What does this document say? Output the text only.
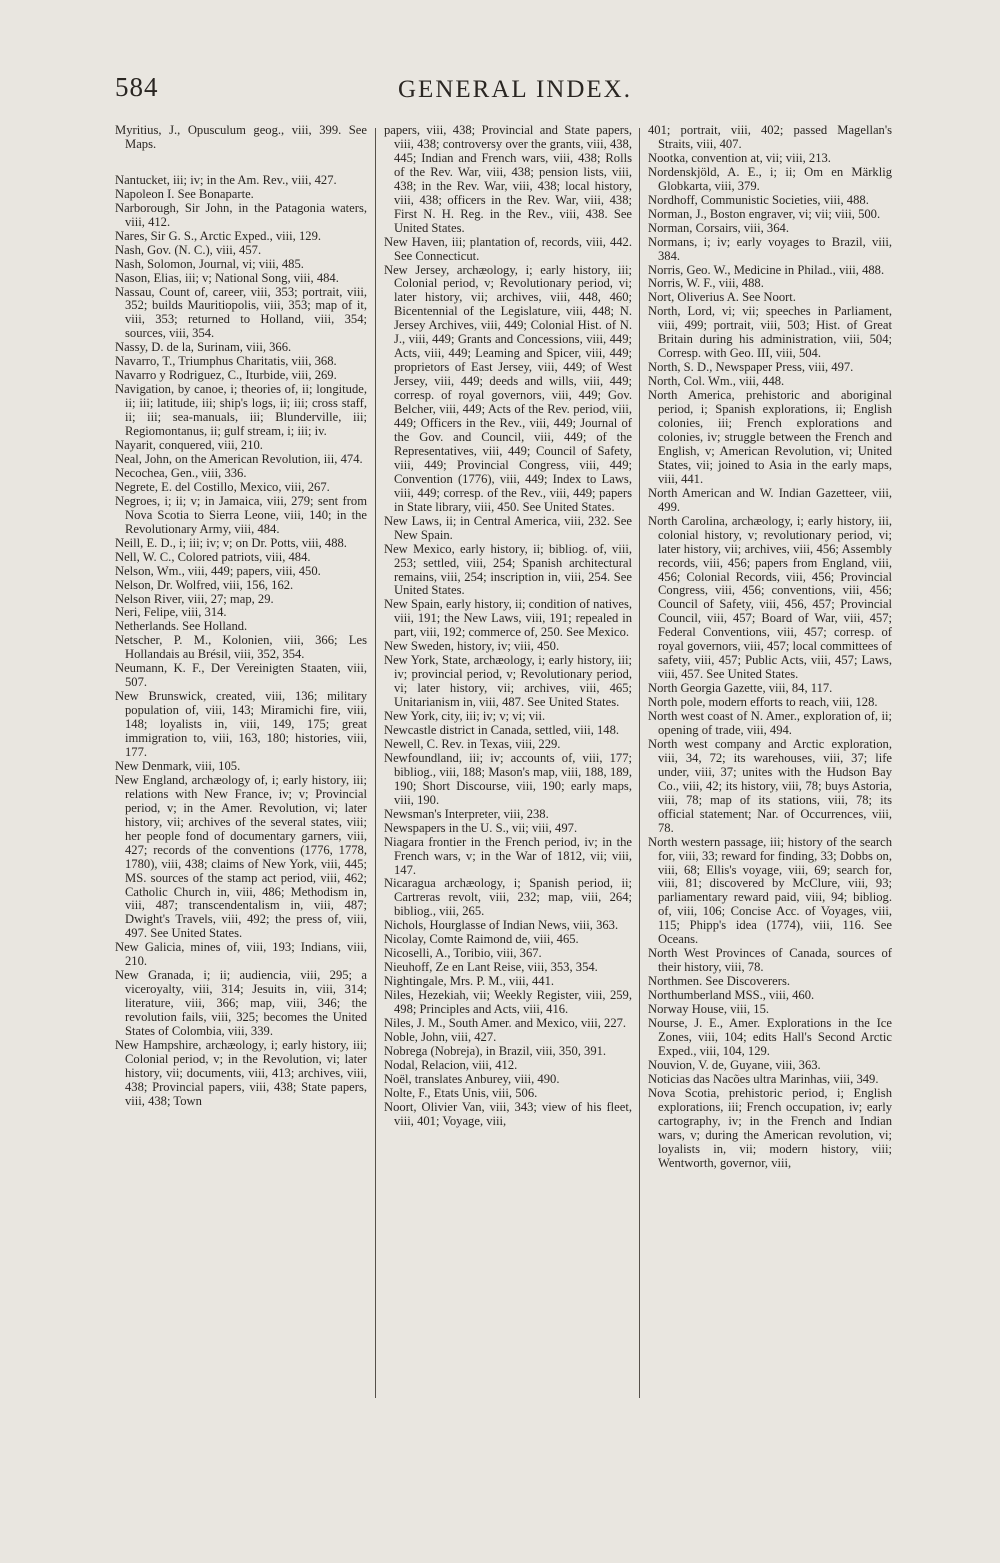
584	GENERAL INDEX.

Myritius, J., Opusculum geog., viii, 399. See Maps.

Nantucket, iii; iv; in the Am. Rev., viii, 427.

Napoleon I. See Bonaparte.

Narborough, Sir John, in the Patagonia waters, viii, 412.

Nares, Sir G. S., Arctic Exped., viii, 129.

Nash, Gov. (N. C.), viii, 457.

Nash, Solomon, Journal, vi; viii, 485.

Nason, Elias, iii; v; National Song, viii, 484.

Nassau, Count of, career, viii, 353; portrait, viii, 352; builds Mauritiopolis, viii, 353; map of it, viii, 353; returned to Holland, viii, 354; sources, viii, 354.

Nassy, D. de la, Surinam, viii, 366.

Navarro, T., Triumphus Charitatis, viii, 368.

Navarro y Rodriguez, C., Iturbide, viii, 269.

Navigation, by canoe, i; theories of, ii; longitude, ii; iii; latitude, iii; ship's logs, ii; iii; cross staff, ii; iii; sea-manuals, iii; Blunderville, iii; Regiomontanus, ii; gulf stream, i; iii; iv.

Nayarit, conquered, viii, 210.

Neal, John, on the American Revolution, iii, 474.

Necochea, Gen., viii, 336.

Negrete, E. del Costillo, Mexico, viii, 267.

Negroes, i; ii; v; in Jamaica, viii, 279; sent from Nova Scotia to Sierra Leone, viii, 140; in the Revolutionary Army, viii, 484.

Neill, E. D., i; iii; iv; v; on Dr. Potts, viii, 488.

Nell, W. C., Colored patriots, viii, 484.

Nelson, Wm., viii, 449; papers, viii, 450.

Nelson, Dr. Wolfred, viii, 156, 162.

Nelson River, viii, 27; map, 29.

Neri, Felipe, viii, 314.

Netherlands. See Holland.

Netscher, P. M., Kolonien, viii, 366; Les Hollandais au Brésil, viii, 352, 354.

Neumann, K. F., Der Vereinigten Staaten, viii, 507.

New Brunswick, created, viii, 136; military population of, viii, 143; Miramichi fire, viii, 148; loyalists in, viii, 149, 175; great immigration to, viii, 163, 180; histories, viii, 177.

New Denmark, viii, 105.

New England, archæology of, i; early history, iii; relations with New France, iv; v; Provincial period, v; in the Amer. Revolution, vi; later history, vii; archives of the several states, viii; her people fond of documentary garners, viii, 427; records of the conventions (1776, 1778, 1780), viii, 438; claims of New York, viii, 445; MS. sources of the stamp act period, viii, 462; Catholic Church in, viii, 486; Methodism in, viii, 487; transcendentalism in, viii, 487; Dwight's Travels, viii, 492; the press of, viii, 497. See United States.

New Galicia, mines of, viii, 193; Indians, viii, 210.

New Granada, i; ii; audiencia, viii, 295; a viceroyalty, viii, 314; Jesuits in, viii, 314; literature, viii, 366; map, viii, 346; the revolution fails, viii, 325; becomes the United States of Colombia, viii, 339.

New Hampshire, archæology, i; early history, iii; Colonial period, v; in the Revolution, vi; later history, vii; documents, viii, 413; archives, viii, 438; Provincial papers, viii, 438; State papers, viii, 438; Town

papers, viii, 438; Provincial and State papers, viii, 438; controversy over the grants, viii, 438, 445; Indian and French wars, viii, 438; Rolls of the Rev. War, viii, 438; pension lists, viii, 438; in the Rev. War, viii, 438; local history, viii, 438; officers in the Rev. War, viii, 438; First N. H. Reg. in the Rev., viii, 438. See United States.

New Haven, iii; plantation of, records, viii, 442. See Connecticut.

New Jersey, archæology, i; early history, iii; Colonial period, v; Revolutionary period, vi; later history, vii; archives, viii, 448, 460; Bicentennial of the Legislature, viii, 448; N. Jersey Archives, viii, 449; Colonial Hist. of N. J., viii, 449; Grants and Concessions, viii, 449; Acts, viii, 449; Leaming and Spicer, viii, 449; proprietors of East Jersey, viii, 449; of West Jersey, viii, 449; deeds and wills, viii, 449; corresp. of royal governors, viii, 449; Gov. Belcher, viii, 449; Acts of the Rev. period, viii, 449; Officers in the Rev., viii, 449; Journal of the Gov. and Council, viii, 449; of the Representatives, viii, 449; Council of Safety, viii, 449; Provincial Congress, viii, 449; Convention (1776), viii, 449; Index to Laws, viii, 449; corresp. of the Rev., viii, 449; papers in State library, viii, 450. See United States.

New Laws, ii; in Central America, viii, 232. See New Spain.

New Mexico, early history, ii; bibliog. of, viii, 253; settled, viii, 254; Spanish architectural remains, viii, 254; inscription in, viii, 254. See United States.

New Spain, early history, ii; condition of natives, viii, 191; the New Laws, viii, 191; repealed in part, viii, 192; commerce of, 250. See Mexico.

New Sweden, history, iv; viii, 450.

New York, State, archæology, i; early history, iii; iv; provincial period, v; Revolutionary period, vi; later history, vii; archives, viii, 465; Unitarianism in, viii, 487. See United States.

New York, city, iii; iv; v; vi; vii.

Newcastle district in Canada, settled, viii, 148.

Newell, C. Rev. in Texas, viii, 229.

Newfoundland, iii; iv; accounts of, viii, 177; bibliog., viii, 188; Mason's map, viii, 188, 189, 190; Short Discourse, viii, 190; early maps, viii, 190.

Newsman's Interpreter, viii, 238.

Newspapers in the U. S., vii; viii, 497.

Niagara frontier in the French period, iv; in the French wars, v; in the War of 1812, vii; viii, 147.

Nicaragua archæology, i; Spanish period, ii; Cartreras revolt, viii, 232; map, viii, 264; bibliog., viii, 265.

Nichols, Hourglasse of Indian News, viii, 363.

Nicolay, Comte Raimond de, viii, 465.

Nicoselli, A., Toribio, viii, 367.

Nieuhoff, Ze en Lant Reise, viii, 353, 354.

Nightingale, Mrs. P. M., viii, 441.

Niles, Hezekiah, vii; Weekly Register, viii, 259, 498; Principles and Acts, viii, 416.

Niles, J. M., South Amer. and Mexico, viii, 227.

Noble, John, viii, 427.

Nobrega (Nobreja), in Brazil, viii, 350, 391.

Nodal, Relacion, viii, 412.

Noël, translates Anburey, viii, 490.

Nolte, F., Etats Unis, viii, 506.

Noort, Olivier Van, viii, 343; view of his fleet, viii, 401; Voyage, viii,

401; portrait, viii, 402; passed Magellan's Straits, viii, 407.

Nootka, convention at, vii; viii, 213.

Nordenskjöld, A. E., i; ii; Om en Märklig Globkarta, viii, 379.

Nordhoff, Communistic Societies, viii, 488.

Norman, J., Boston engraver, vi; vii; viii, 500.

Norman, Corsairs, viii, 364.

Normans, i; iv; early voyages to Brazil, viii, 384.

Norris, Geo. W., Medicine in Philad., viii, 488.

Norris, W. F., viii, 488.

Nort, Oliverius A. See Noort.

North, Lord, vi; vii; speeches in Parliament, viii, 499; portrait, viii, 503; Hist. of Great Britain during his administration, viii, 504; Corresp. with Geo. III, viii, 504.

North, S. D., Newspaper Press, viii, 497.

North, Col. Wm., viii, 448.

North America, prehistoric and aboriginal period, i; Spanish explorations, ii; English colonies, iii; French explorations and colonies, iv; struggle between the French and English, v; American Revolution, vi; United States, vii; joined to Asia in the early maps, viii, 441.

North American and W. Indian Gazetteer, viii, 499.

North Carolina, archæology, i; early history, iii, colonial history, v; revolutionary period, vi; later history, vii; archives, viii, 456; Assembly records, viii, 456; papers from England, viii, 456; Colonial Records, viii, 456; Provincial Congress, viii, 456; conventions, viii, 456; Council of Safety, viii, 456, 457; Provincial Council, viii, 457; Board of War, viii, 457; Federal Conventions, viii, 457; corresp. of royal governors, viii, 457; local committees of safety, viii, 457; Public Acts, viii, 457; Laws, viii, 457. See United States.

North Georgia Gazette, viii, 84, 117.

North pole, modern efforts to reach, viii, 128.

North west coast of N. Amer., exploration of, ii; opening of trade, viii, 494.

North west company and Arctic exploration, viii, 34, 72; its warehouses, viii, 37; life under, viii, 37; unites with the Hudson Bay Co., viii, 42; its history, viii, 78; buys Astoria, viii, 78; map of its stations, viii, 78; its official statement; Nar. of Occurrences, viii, 78.

North western passage, iii; history of the search for, viii, 33; reward for finding, 33; Dobbs on, viii, 68; Ellis's voyage, viii, 69; search for, viii, 81; discovered by McClure, viii, 93; parliamentary reward paid, viii, 94; bibliog. of, viii, 106; Concise Acc. of Voyages, viii, 115; Phipp's idea (1774), viii, 116. See Oceans.

North West Provinces of Canada, sources of their history, viii, 78.

Northmen. See Discoverers.

Northumberland MSS., viii, 460.

Norway House, viii, 15.

Nourse, J. E., Amer. Explorations in the Ice Zones, viii, 104; edits Hall's Second Arctic Exped., viii, 104, 129.

Nouvion, V. de, Guyane, viii, 363.

Noticias das Nacões ultra Marinhas, viii, 349.

Nova Scotia, prehistoric period, i; English explorations, iii; French occupation, iv; early cartography, iv; in the French and Indian wars, v; during the American revolution, vi; loyalists in, vii; modern history, viii; Wentworth, governor, viii,
